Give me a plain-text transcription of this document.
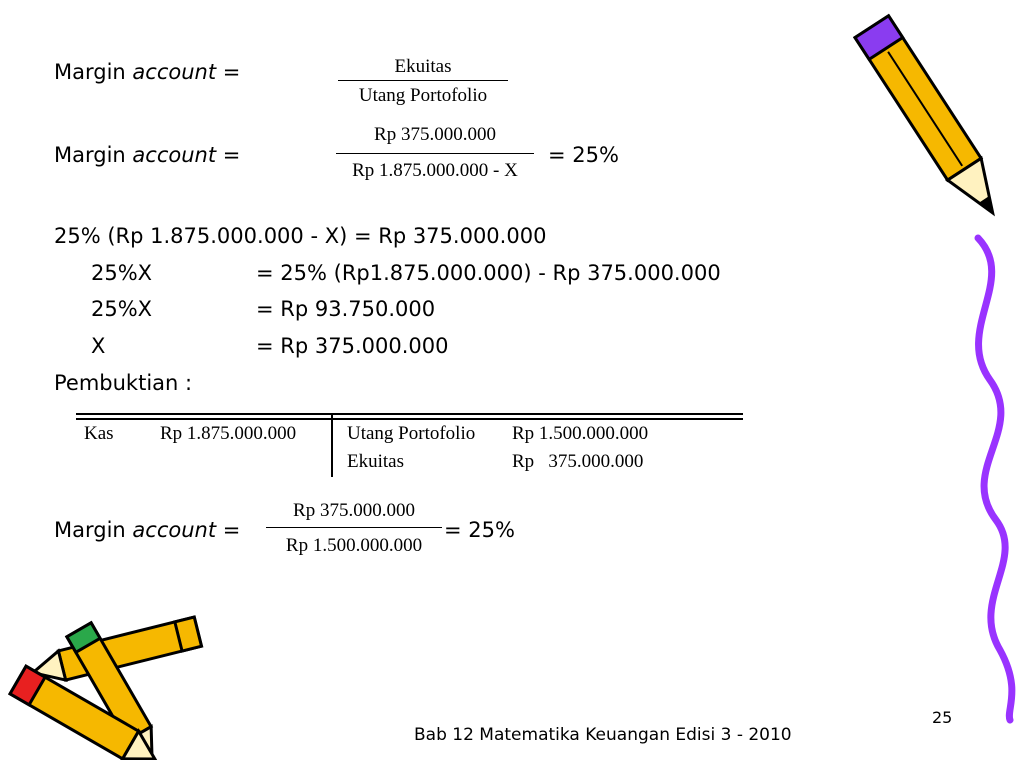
Margin account =	Ekuitas
Utang Portofolio
Margin account =
Rp 375.000.000
Rp 1.875.000.000 - X
= 25%
25% (Rp 1.875.000.000 - X) = Rp 375.000.000
25%X	= 25% (Rp1.875.000.000) - Rp 375.000.000
25%X	= Rp 93.750.000
X	= Rp 375.000.000
Pembuktian :
Kas Rp 1.875.000.000	Utang Portofolio Rp 1.500.000.000
Ekuitas	Rp   375.000.000
Margin account =
Rp 375.000.000
Rp 1.500.000.000
= 25%
25
Bab 12 Matematika Keuangan Edisi 3 - 2010
